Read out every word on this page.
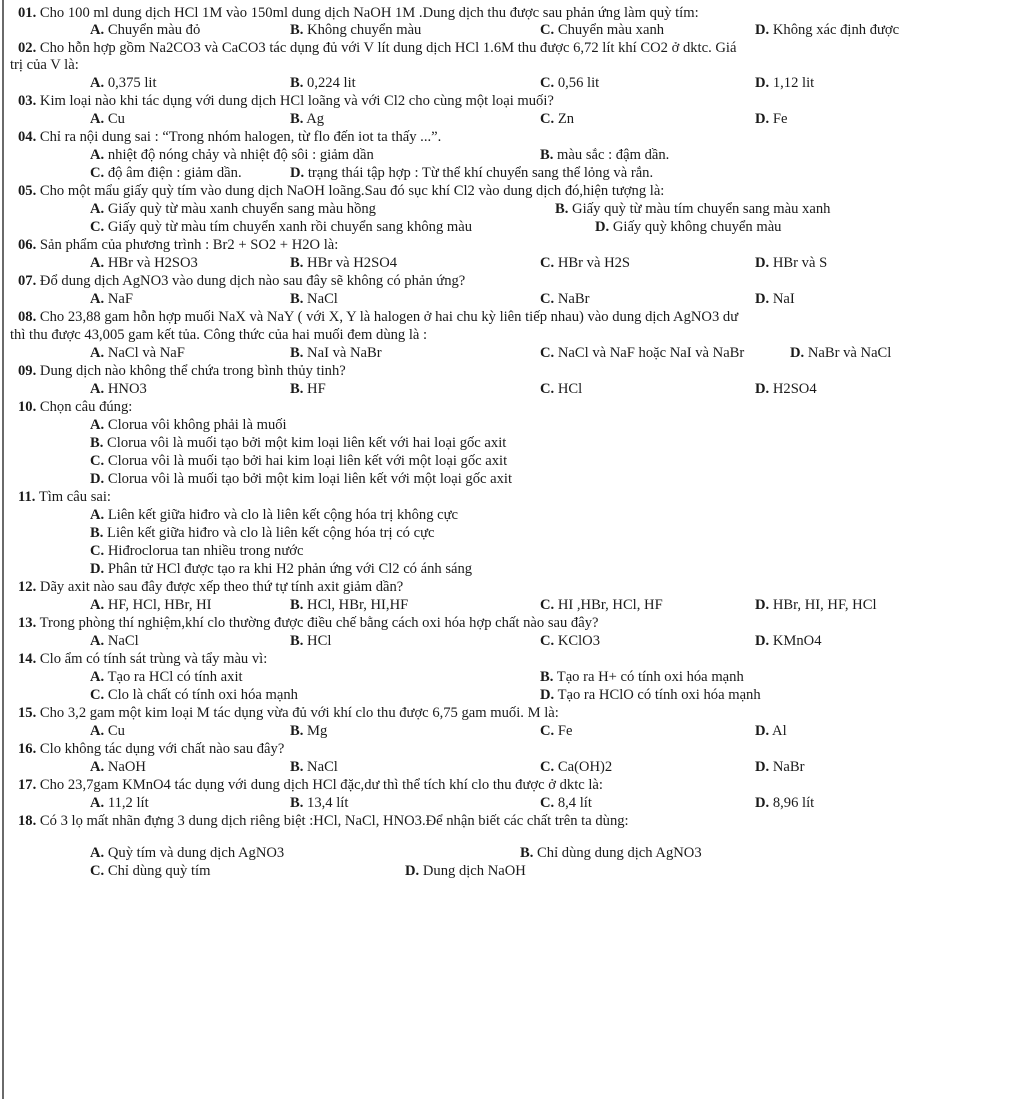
01. Cho 100 ml dung dịch HCl 1M vào 150ml dung dịch NaOH 1M .Dung dịch thu được sau phản ứng làm quỳ tím:
A. Chuyển màu đỏ	B. Không chuyển màu	C. Chuyển màu xanh	D. Không xác định được
02. Cho hỗn hợp gồm Na2CO3 và CaCO3 tác dụng đủ với V lít dung dịch HCl 1.6M thu được 6,72 lít khí CO2 ở dktc. Giá
trị của V là:
A. 0,375 lit	B. 0,224 lit	C. 0,56 lit	D. 1,12 lit
03. Kim loại nào khi tác dụng với dung dịch HCl loãng và với Cl2 cho cùng một loại muối?
A. Cu	B. Ag	C. Zn	D. Fe
04. Chỉ ra nội dung sai : “Trong nhóm halogen, từ flo đến iot ta thấy ...”.
A. nhiệt độ nóng chảy và nhiệt độ sôi : giảm dần	B. màu sắc : đậm dần.
C. độ âm điện : giảm dần.	D. trạng thái tập hợp : Từ thể khí chuyển sang thể lỏng và rắn.
05. Cho một mẩu giấy quỳ tím vào dung dịch NaOH loãng.Sau đó sục khí Cl2 vào dung dịch đó,hiện tượng là:
A. Giấy quỳ từ màu xanh chuyển sang màu hồng	B. Giấy quỳ từ màu tím chuyển sang màu xanh
C. Giấy quỳ từ màu tím chuyển xanh rồi chuyển sang không màu	D. Giấy quỳ không chuyển màu
06. Sản phẩm của phương trình : Br2 + SO2 + H2O là:
A. HBr và H2SO3	B. HBr và H2SO4	C. HBr và H2S	D. HBr và S
07. Đổ dung dịch AgNO3 vào dung dịch nào sau đây sẽ không có phản ứng?
A. NaF	B. NaCl	C. NaBr	D. NaI
08. Cho 23,88 gam hỗn hợp muối NaX và NaY ( với X, Y là halogen ở hai chu kỳ liên tiếp nhau) vào dung dịch AgNO3 dư
thì thu được 43,005 gam kết tủa. Công thức của hai muối đem dùng là :
A. NaCl và NaF	B. NaI và NaBr	C. NaCl và NaF hoặc NaI và NaBr	D. NaBr và NaCl
09. Dung dịch nào không thể chứa trong bình thủy tinh?
A. HNO3	B. HF	C. HCl	D. H2SO4
10. Chọn câu đúng:
A. Clorua vôi không phải là muối
B. Clorua vôi là muối tạo bởi một kim loại liên kết với hai loại gốc axit
C. Clorua vôi là muối tạo bởi hai kim loại liên kết với một loại gốc axit
D. Clorua vôi là muối tạo bởi một kim loại liên kết với một loại gốc axit
11. Tìm câu sai:
A. Liên kết giữa hiđro và clo là liên kết cộng hóa trị không cực
B. Liên kết giữa hiđro và clo là liên kết cộng hóa trị có cực
C. Hiđroclorua tan nhiều trong nước
D. Phân tử HCl được tạo ra khi H2 phản ứng với Cl2 có ánh sáng
12. Dãy axit nào sau đây được xếp theo thứ tự tính axit giảm dần?
A. HF, HCl, HBr, HI	B. HCl, HBr, HI,HF	C. HI ,HBr, HCl, HF	D. HBr, HI, HF, HCl
13. Trong phòng thí nghiệm,khí clo thường được điều chế bằng cách oxi hóa hợp chất nào sau đây?
A. NaCl	B. HCl	C. KClO3	D. KMnO4
14. Clo ẩm có tính sát trùng và tẩy màu vì:
A. Tạo ra HCl có tính axit	B. Tạo ra H+ có tính oxi hóa mạnh
C. Clo là chất có tính oxi hóa mạnh	D. Tạo ra HClO có tính oxi hóa mạnh
15. Cho 3,2 gam một kim loại M tác dụng vừa đủ với khí clo thu được 6,75 gam muối. M là:
A. Cu	B. Mg	C. Fe	D. Al
16. Clo không tác dụng với chất nào sau đây?
A. NaOH	B. NaCl	C. Ca(OH)2	D. NaBr
17. Cho 23,7gam KMnO4 tác dụng với dung dịch HCl đặc,dư thì thể tích khí clo thu được ở dktc là:
A. 11,2 lít	B. 13,4 lít	C. 8,4 lít	D. 8,96 lít
18. Có 3 lọ mất nhãn đựng 3 dung dịch riêng biệt :HCl, NaCl, HNO3.Để nhận biết các chất trên ta dùng:
A. Quỳ tím và dung dịch AgNO3	B. Chỉ dùng dung dịch AgNO3
C. Chỉ dùng quỳ tím	D. Dung dịch NaOH
